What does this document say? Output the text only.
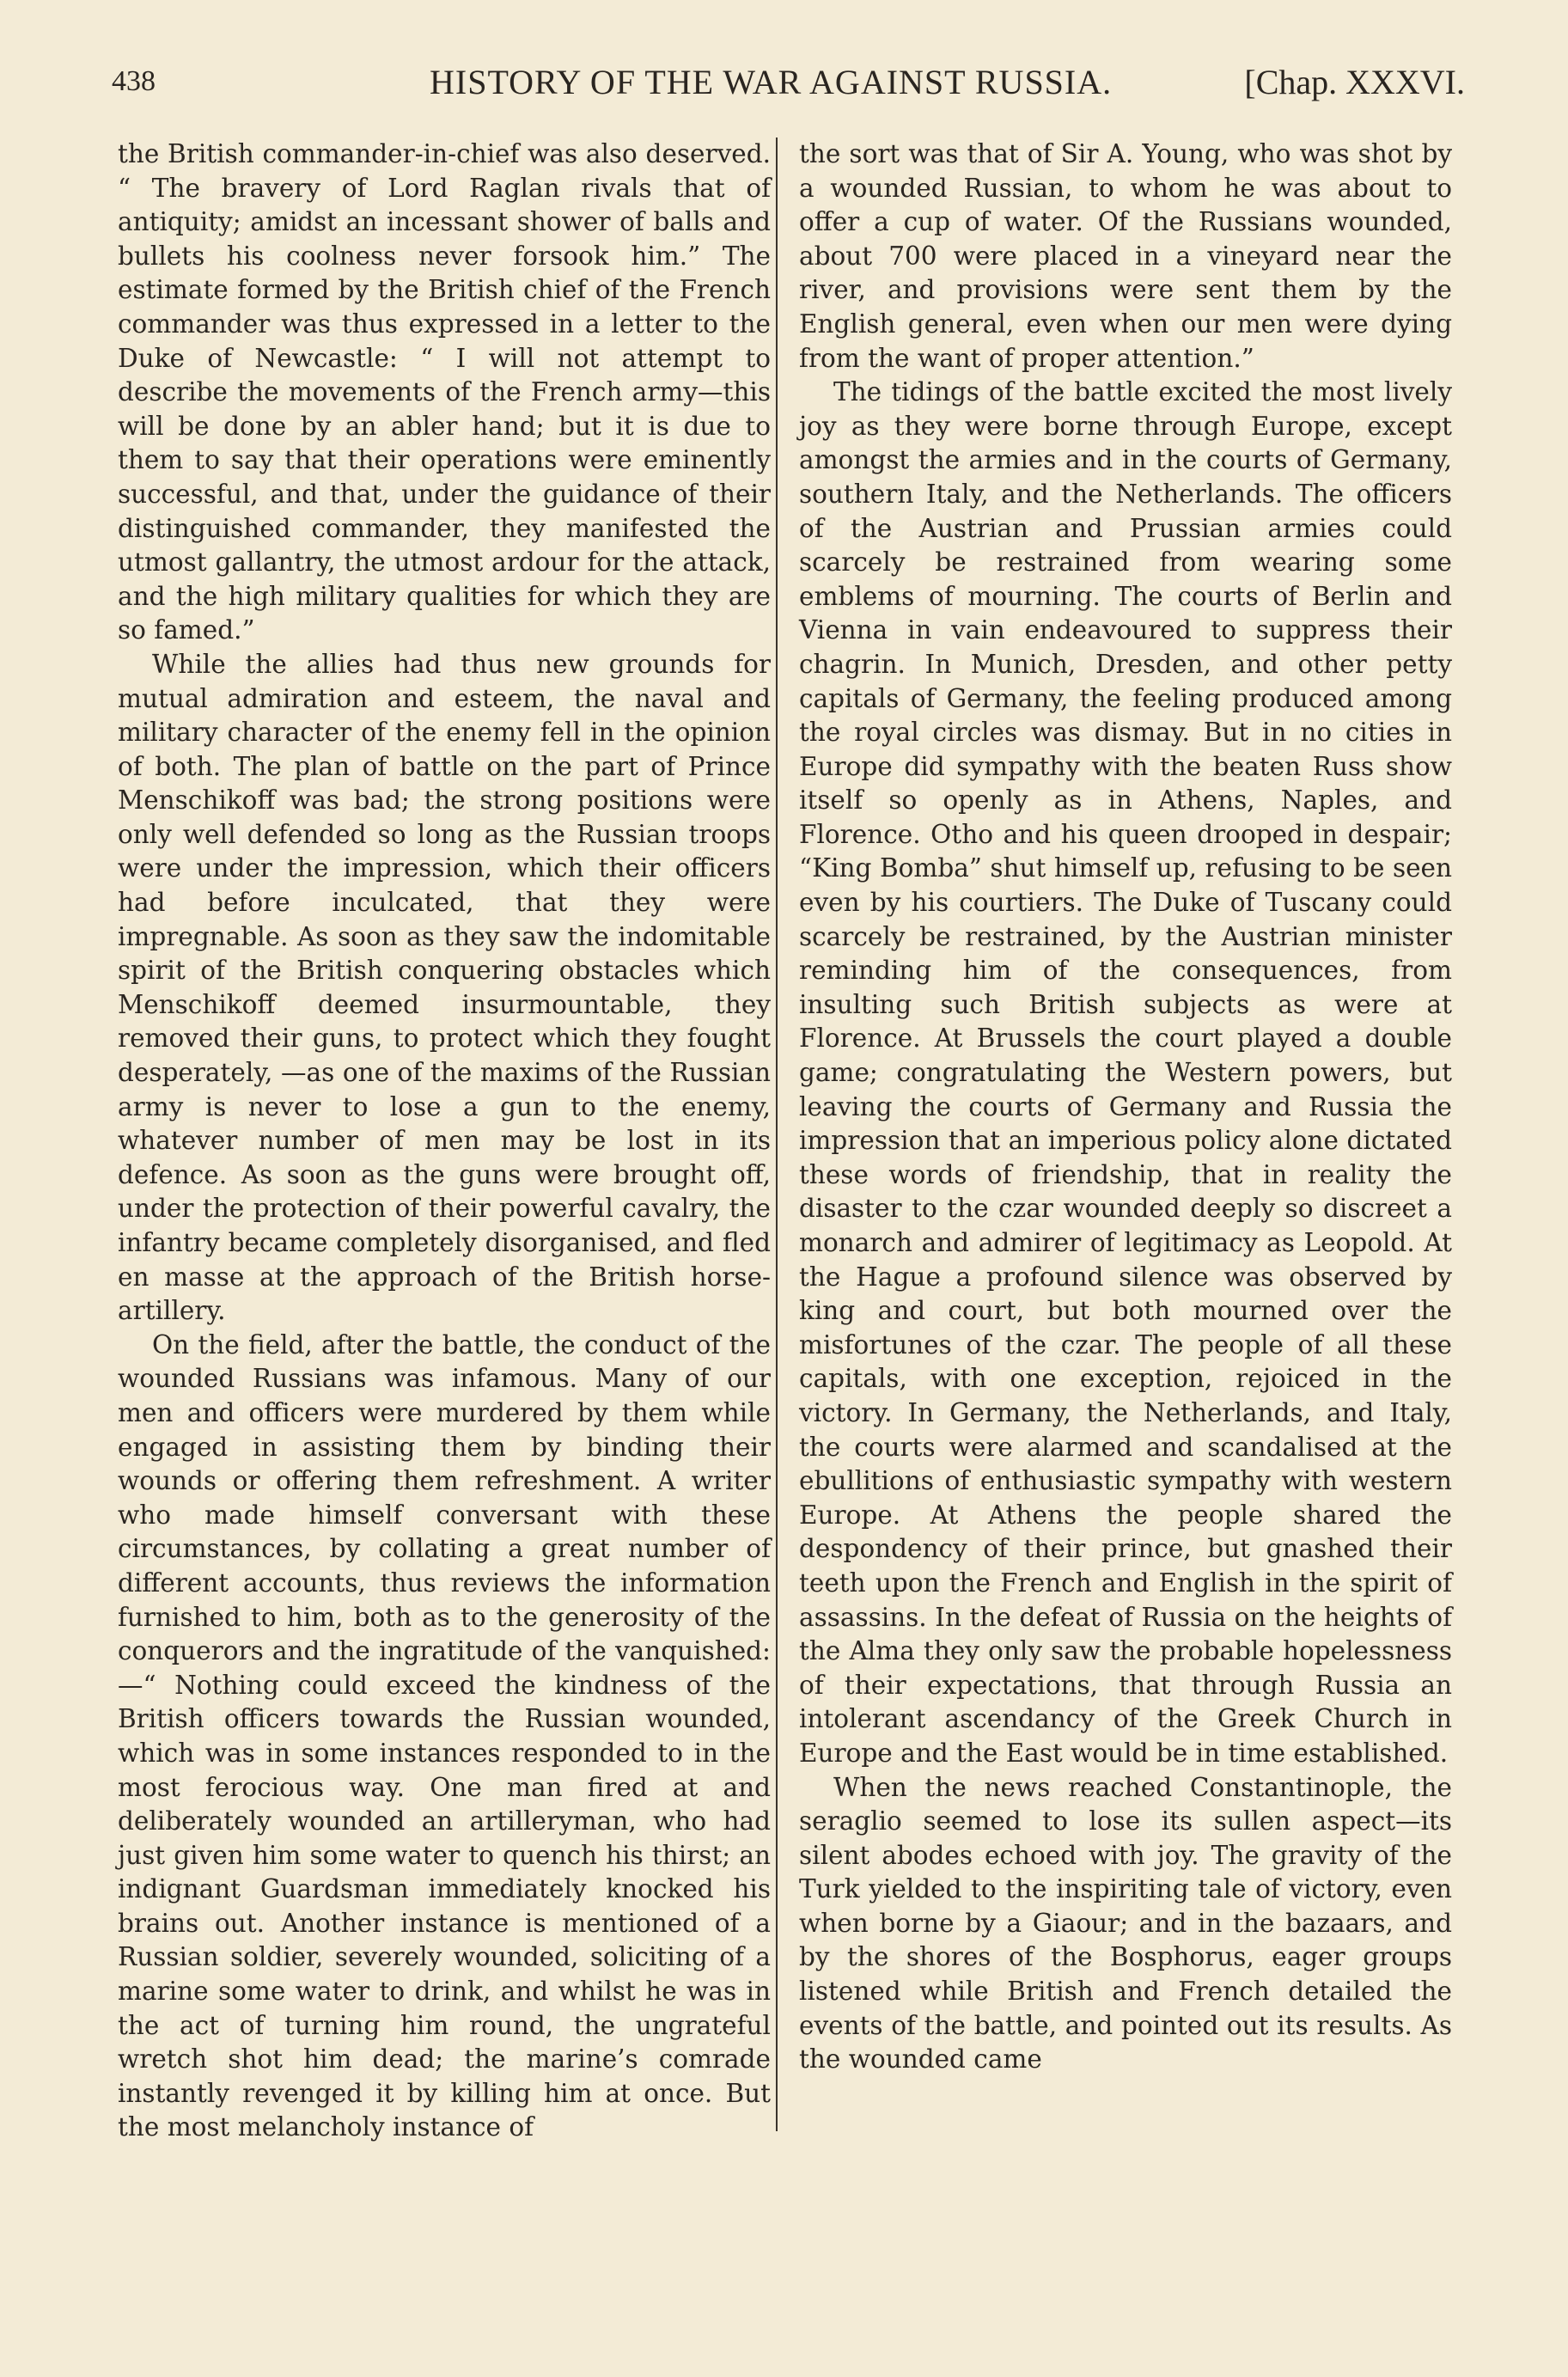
438	HISTORY OF THE WAR AGAINST RUSSIA.	[Chap. XXXVI.

the British commander-in-chief was also deserved. “ The bravery of Lord Raglan rivals that of antiquity; amidst an incessant shower of balls and bullets his coolness never forsook him.” The estimate formed by the British chief of the French commander was thus expressed in a letter to the Duke of Newcastle: “ I will not attempt to describe the movements of the French army—this will be done by an abler hand; but it is due to them to say that their operations were eminently successful, and that, under the guidance of their distinguished commander, they manifested the utmost gallantry, the utmost ardour for the attack, and the high military qualities for which they are so famed.”

While the allies had thus new grounds for mutual admiration and esteem, the naval and military character of the enemy fell in the opinion of both. The plan of battle on the part of Prince Menschikoff was bad; the strong positions were only well defended so long as the Russian troops were under the impression, which their officers had before inculcated, that they were impregnable. As soon as they saw the indomitable spirit of the British conquering obstacles which Menschikoff deemed insurmountable, they removed their guns, to protect which they fought desperately, —as one of the maxims of the Russian army is never to lose a gun to the enemy, whatever number of men may be lost in its defence. As soon as the guns were brought off, under the protection of their powerful cavalry, the infantry became completely disorganised, and fled en masse at the approach of the British horse-artillery.

On the field, after the battle, the conduct of the wounded Russians was infamous. Many of our men and officers were murdered by them while engaged in assisting them by binding their wounds or offering them refreshment. A writer who made himself conversant with these circumstances, by collating a great number of different accounts, thus reviews the information furnished to him, both as to the generosity of the conquerors and the ingratitude of the vanquished:—“ Nothing could exceed the kindness of the British officers towards the Russian wounded, which was in some instances responded to in the most ferocious way. One man fired at and deliberately wounded an artilleryman, who had just given him some water to quench his thirst; an indignant Guardsman immediately knocked his brains out. Another instance is mentioned of a Russian soldier, severely wounded, soliciting of a marine some water to drink, and whilst he was in the act of turning him round, the ungrateful wretch shot him dead; the marine’s comrade instantly revenged it by killing him at once. But the most melancholy instance of

the sort was that of Sir A. Young, who was shot by a wounded Russian, to whom he was about to offer a cup of water. Of the Russians wounded, about 700 were placed in a vineyard near the river, and provisions were sent them by the English general, even when our men were dying from the want of proper attention.”

The tidings of the battle excited the most lively joy as they were borne through Europe, except amongst the armies and in the courts of Germany, southern Italy, and the Netherlands. The officers of the Austrian and Prussian armies could scarcely be restrained from wearing some emblems of mourning. The courts of Berlin and Vienna in vain endeavoured to suppress their chagrin. In Munich, Dresden, and other petty capitals of Germany, the feeling produced among the royal circles was dismay. But in no cities in Europe did sympathy with the beaten Russ show itself so openly as in Athens, Naples, and Florence. Otho and his queen drooped in despair; “King Bomba” shut himself up, refusing to be seen even by his courtiers. The Duke of Tuscany could scarcely be restrained, by the Austrian minister reminding him of the consequences, from insulting such British subjects as were at Florence. At Brussels the court played a double game; congratulating the Western powers, but leaving the courts of Germany and Russia the impression that an imperious policy alone dictated these words of friendship, that in reality the disaster to the czar wounded deeply so discreet a monarch and admirer of legitimacy as Leopold. At the Hague a profound silence was observed by king and court, but both mourned over the misfortunes of the czar. The people of all these capitals, with one exception, rejoiced in the victory. In Germany, the Netherlands, and Italy, the courts were alarmed and scandalised at the ebullitions of enthusiastic sympathy with western Europe. At Athens the people shared the despondency of their prince, but gnashed their teeth upon the French and English in the spirit of assassins. In the defeat of Russia on the heights of the Alma they only saw the probable hopelessness of their expectations, that through Russia an intolerant ascendancy of the Greek Church in Europe and the East would be in time established.

When the news reached Constantinople, the seraglio seemed to lose its sullen aspect—its silent abodes echoed with joy. The gravity of the Turk yielded to the inspiriting tale of victory, even when borne by a Giaour; and in the bazaars, and by the shores of the Bosphorus, eager groups listened while British and French detailed the events of the battle, and pointed out its results. As the wounded came
